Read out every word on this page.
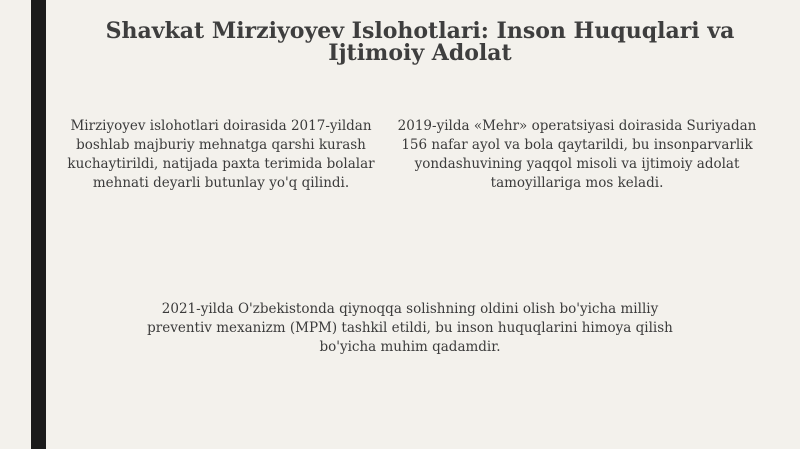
Shavkat Mirziyoyev Islohotlari: Inson Huquqlari va Ijtimoiy Adolat

Mirziyoyev islohotlari doirasida 2017-yildan boshlab majburiy mehnatga qarshi kurash kuchaytirildi, natijada paxta terimida bolalar mehnati deyarli butunlay yo'q qilindi.

2019-yilda «Mehr» operatsiyasi doirasida Suriyadan 156 nafar ayol va bola qaytarildi, bu insonparvarlik yondashuvining yaqqol misoli va ijtimoiy adolat tamoyillariga mos keladi.

2021-yilda O'zbekistonda qiynoqqa solishning oldini olish bo'yicha milliy preventiv mexanizm (MPM) tashkil etildi, bu inson huquqlarini himoya qilish bo'yicha muhim qadamdir.
